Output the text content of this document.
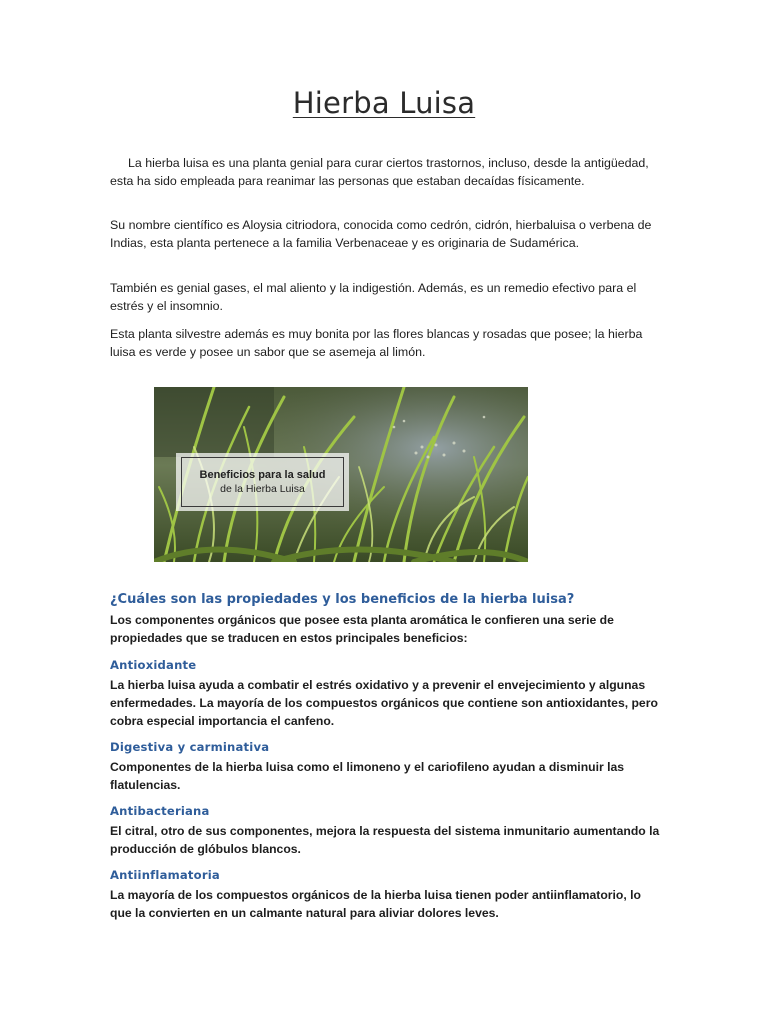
Hierba Luisa

La hierba luisa es una planta genial para curar ciertos trastornos, incluso, desde la antigüedad, esta ha sido empleada para reanimar las personas que estaban decaídas físicamente.

Su nombre científico es Aloysia citriodora, conocida como cedrón, cidrón, hierbaluisa o verbena de Indias, esta planta pertenece a la familia Verbenaceae y es originaria de Sudamérica.

También es genial gases, el mal aliento y la indigestión. Además, es un remedio efectivo para el estrés y el insomnio.

Esta planta silvestre además es muy bonita por las flores blancas y rosadas que posee; la hierba luisa es verde y posee un sabor que se asemeja al limón.

Beneficios para la salud
de la Hierba Luisa
¿Cuáles son las propiedades y los beneficios de la hierba luisa?

Los componentes orgánicos que posee esta planta aromática le confieren una serie de propiedades que se traducen en estos principales beneficios:

Antioxidante

La hierba luisa ayuda a combatir el estrés oxidativo y a prevenir el envejecimiento y algunas enfermedades. La mayoría de los compuestos orgánicos que contiene son antioxidantes, pero cobra especial importancia el canfeno.

Digestiva y carminativa

Componentes de la hierba luisa como el limoneno y el cariofileno ayudan a disminuir las flatulencias.

Antibacteriana

El citral, otro de sus componentes, mejora la respuesta del sistema inmunitario aumentando la producción de glóbulos blancos.

Antiinflamatoria

La mayoría de los compuestos orgánicos de la hierba luisa tienen poder antiinflamatorio, lo que la convierten en un calmante natural para aliviar dolores leves.
